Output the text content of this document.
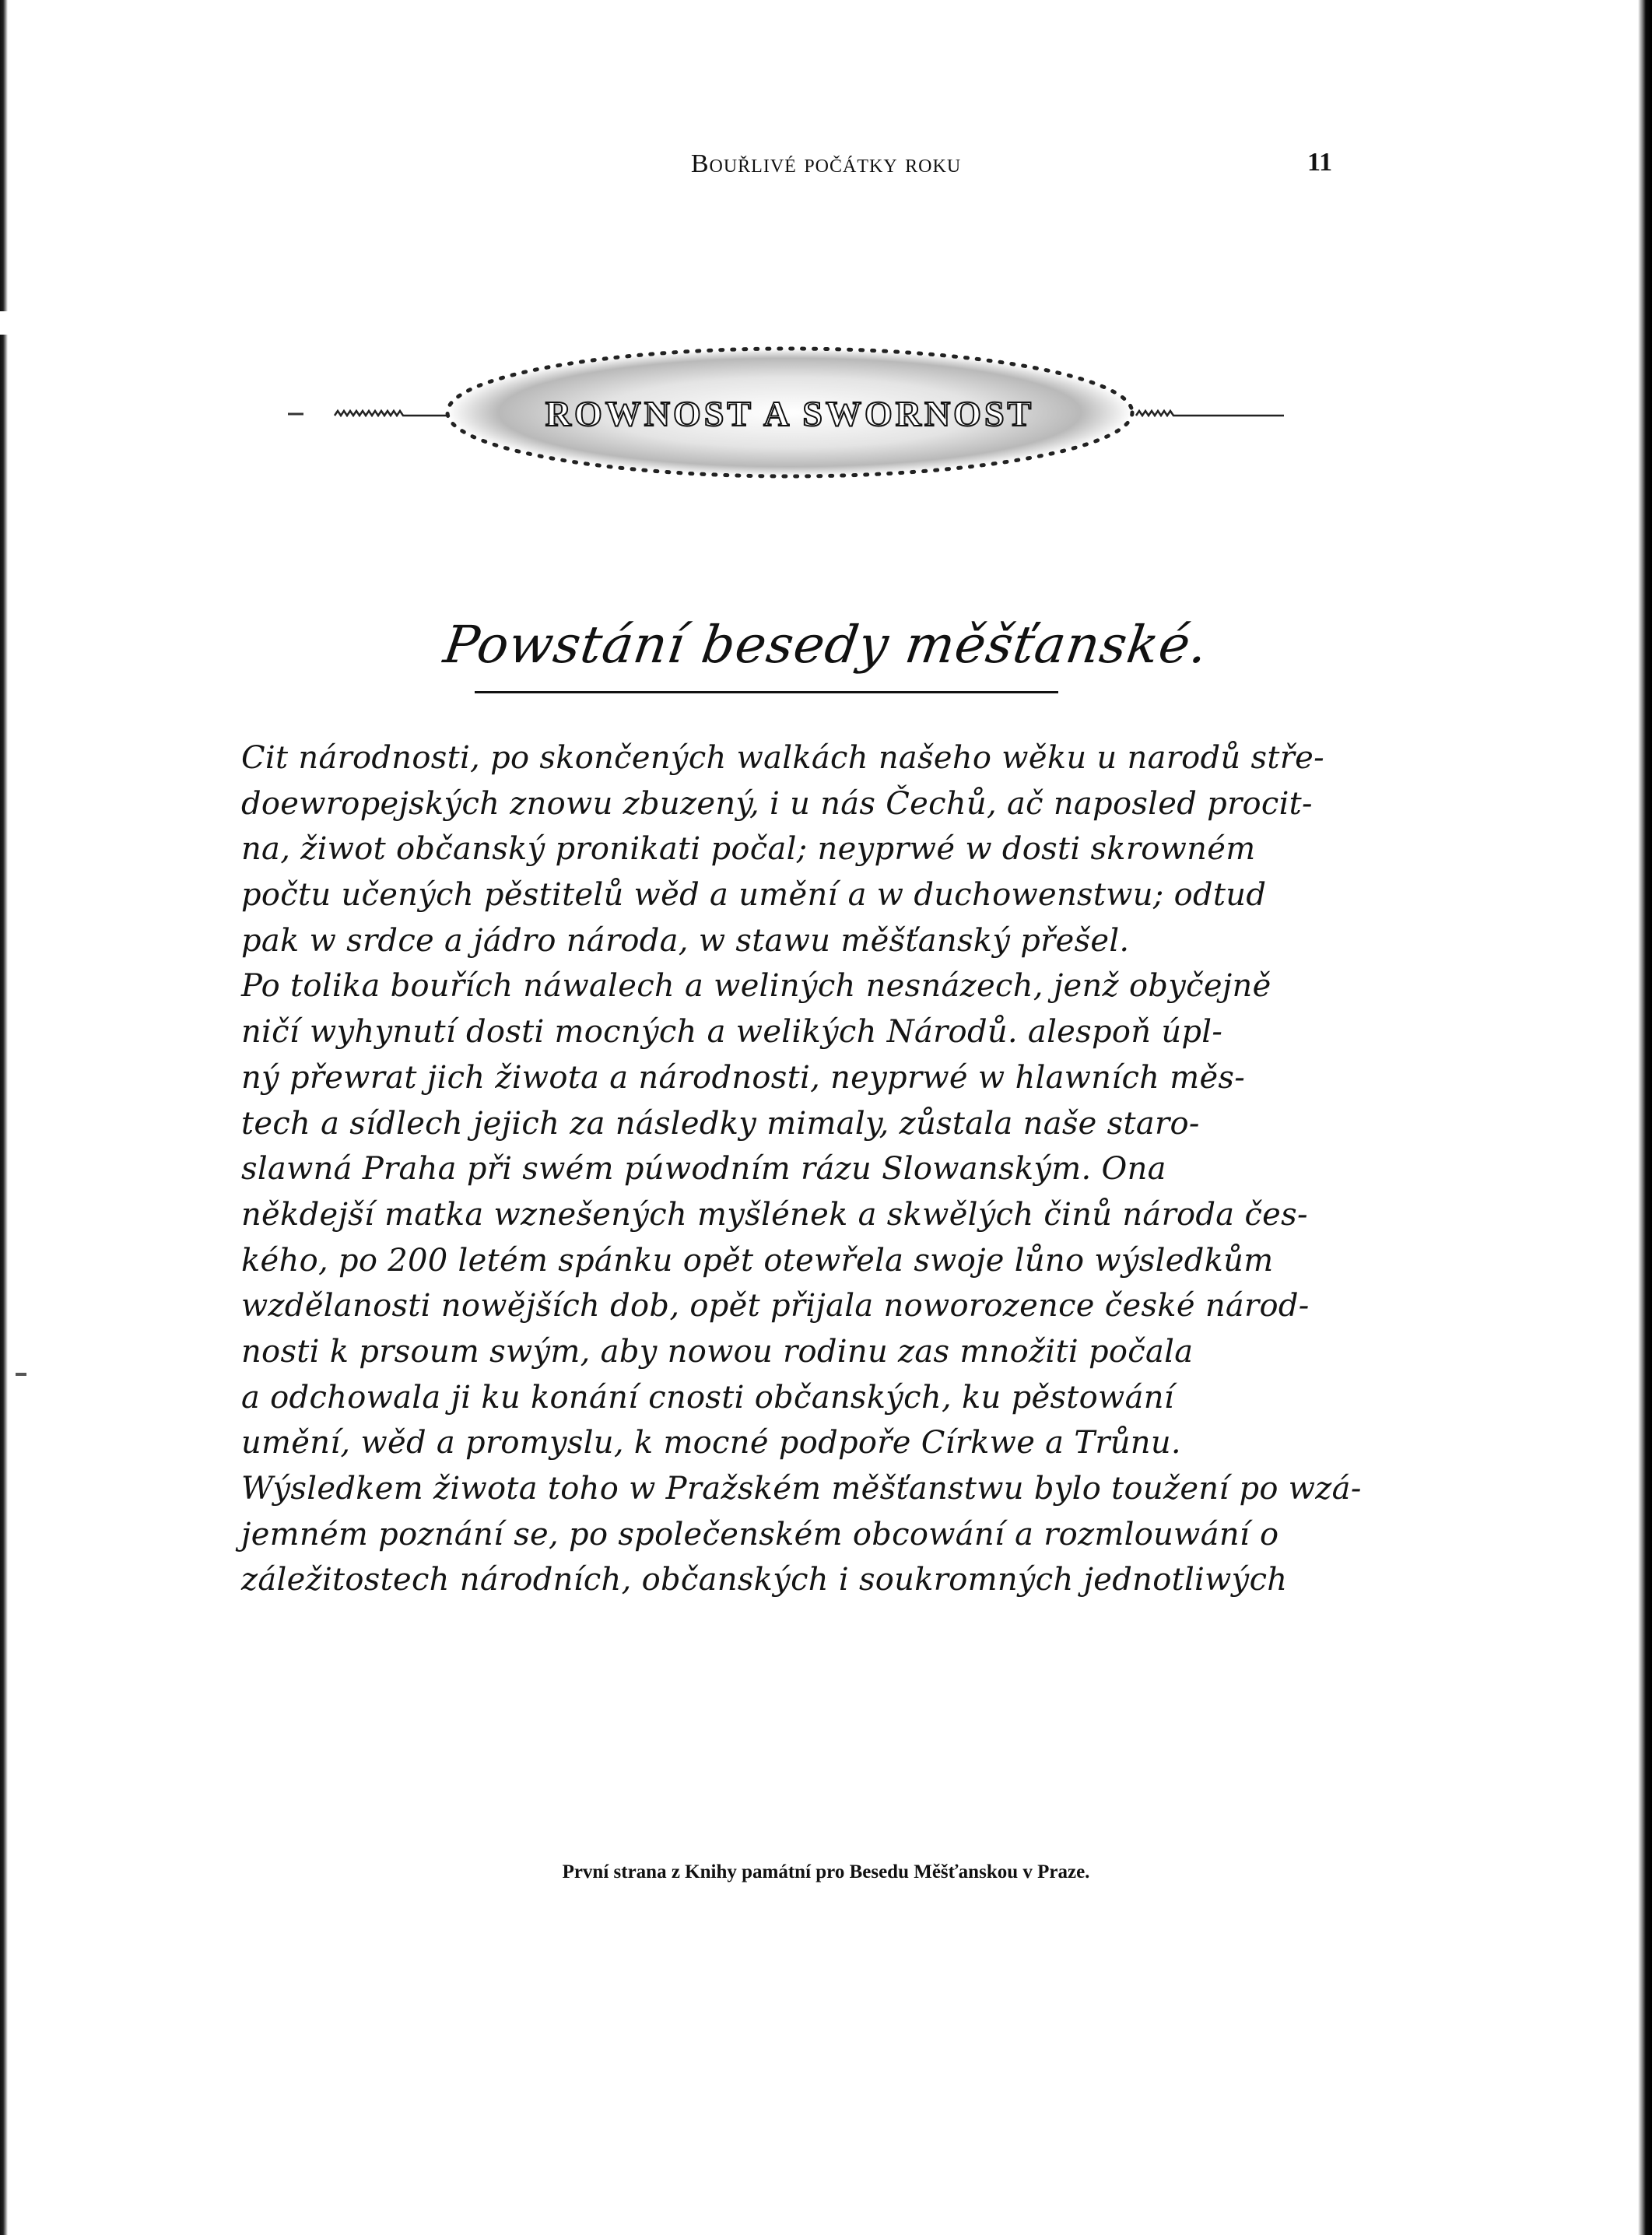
Bouřlivé počátky roku	11
ROWNOST A SWORNOST
Powstání besedy měšťanské.
Cit národnosti, po skončených walkách našeho wěku u narodů stře-
doewropejských znowu zbuzený, i u nás Čechů, ač naposled procit-
na, žiwot občanský pronikati počal; neyprwé w dosti skrowném
počtu učených pěstitelů wěd a umění a w duchowenstwu; odtud
pak w srdce a jádro národa, w stawu měšťanský přešel.
Po tolika bouřích náwalech a weliných nesnázech, jenž obyčejně
ničí wyhynutí dosti mocných a welikých Národů. alespoň úpl-
ný přewrat jich žiwota a národnosti, neyprwé w hlawních měs-
tech a sídlech jejich za následky mimaly, zůstala naše staro-
slawná Praha při swém púwodním rázu Slowanským. Ona
někdejší matka wznešených myšlének a skwělých činů národa čes-
kého, po 200 letém spánku opět otewřela swoje lůno wýsledkům
wzdělanosti nowějších dob, opět přijala noworozence české národ-
nosti k prsoum swým, aby nowou rodinu zas množiti počala
a odchowala ji ku konání cnosti občanských, ku pěstowání
umění, wěd a promyslu, k mocné podpoře Církwe a Trůnu.
Wýsledkem žiwota toho w Pražském měšťanstwu bylo toužení po wzá-
jemném poznání se, po společenském obcowání a rozmlouwání o
záležitostech národních, občanských i soukromných jednotliwých
První strana z Knihy památní pro Besedu Měšťanskou v Praze.
